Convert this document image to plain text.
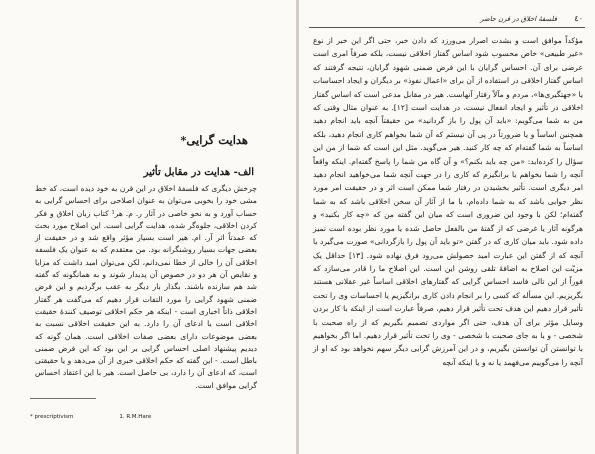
هدایت گرایی*
الف- هدایت در مقابل تأثیر

چرخش دیگری که فلسفهٔ اخلاق در این قرن به خود دیده است، که خط مشی خود را بخوبی می‌توان به عنوان اصلاحی برای احساس گرایی به حساب آورد و به نحو خاصی در آثار ر. م. هر¹ کتاب زبان اخلاق و فکر کردن اخلاقی، جلوه‌گر شده، هدایت گرایی است. این اصلاح مورد بحث که عمدتاً اثر آر. ام. هیر است بسیار مؤثر واقع شد و در حقیقت از بعضی جهات بسیار روشنگرانه بود. من معتقدم که به عنوان یک فلسفه اخلاقی آن را خالی از خطا نمی‌دانم، لکن می‌توان امید داشت که مزایا و نقایص آن هر دو در خصوص آن پدیدار شوند و به همانگونه که گفته شد هم سازنده باشند. بگذار بار دیگر به عقب برگردیم و این فرض ضمنی شهود گرایی را مورد التفات قرار دهیم که می‌گفت هر گفتار اخلاقی ذاتاً اخباری است - اینکه هر حکم اخلاقی توصیف کنندهٔ حقیقت اخلاقی است یا ادعای آن را دارد. به این حقیقت اخلاقی نسبت به بعضی موضوعات دارای بعضی صفات اخلاقی است. همان گونه که دیدیم پیشنهاد اصلی احساس گرایی بر این بود که این فرض ضمنی باطل است. - این گفته که حکم اخلاقی خبری از آن می‌دهد و یا حقیقتی است، که ادعای آن را دارد، بی حاصل است. هیر با این اعتقاد احساس گرایی موافق است.

* prescriptivism	1. R.M.Hare
٤٠
فلسفهٔ اخلاق در قرن حاضر

مؤکداً موافق است و بشدت اصرار می‌ورزد که دادن خبر، حتی اگر این خبر از نوع «غیر طبیعی» خاص محسوب شود اساس گفتار اخلاقی نیست، بلکه صرفاً امری است عرضی برای آن. احساس گرایان با این فرض ضمنی شهود گرایان، نتیجه گرفتند که اساس گفتار اخلاقی در استفاده از آن برای «اعمال نفوذ» بر دیگران و ایجاد احساسات یا «جهتگیری‌ها»، مردم و مآلاً رفتار آنهاست. هیر در مقابل مدعی است که اساس گفتار اخلاقی در تأثیر و ایجاد انفعال نیست، در هدایت است [۱۲]. به عنوان مثال وقتی که من به شما می‌گویم: «باید آن پول را باز گردانید» من حقیقتاً آنچه باید انجام دهید همچنین اساساً و یا ضرورتاً در پی آن نیستم که آن شما بخواهم کاری انجام دهید، بلکه اساساً به شما گفته‌ام که چه کار کنید. هیر می‌گوید. مثل این است که شما از من این سؤال را کرده‌اید: «من چه باید بکنم؟» و آن گاه من شما را پاسخ گفته‌ام. اینکه واقعاً آنچه را شما بخواهم یا برانگیزم که کاری را در جهت آنچه شما می‌خواهید انجام دهید امر دیگری است. تأثیر بخشیدن در رفتار شما ممکن است اثر و در حقیقت امر مورد نظر جوابی باشد که به شما داده‌ام، با ما از آثار آن سخن اخلاقی باشد که به شما گفته‌ام؛ لکن با وجود این ضروری است که میان این گفته من که «چه کار بکنید» و هرگونه آثار یا غرضی که از گفتهٔ من بالفعل حاصل شده یا مورد نظر بوده است تمیز داده شود. باید میان کاری که در گفتن «تو باید آن پول را بازگردانی» صورت می‌گیرد یا آنچه که از گفتن این عبارت امید حصولش می‌رود فرق نهاده شود. [۱۳] حداقل یک مزیّت این اصلاح به اضافهٔ تلقی روشن این است. این اصلاح ما را قادر می‌سازد که فوراً از این تالی فاسد احساس گرایی که گفتارهای اخلاقی اساساً غیر عقلانی هستند بگریزیم. این مسأله که کسی را بر انجام دادن کاری برانگیزیم یا احساسات وی را تحت تأثیر قرار دهیم این هدف تحت تأثیر قرار دهیم، صرفاً عبارت است از اینکه با کار بردن وسایل مؤثر برای آن هدف، حتی اگر مواردی تصمیم بگیریم که از راه صحبت با شخصی - و یا به جای صحبت با شخصی - وی را تحت تأثیر قرار دهیم. اما اگر بخواهیم با توانستن آن توانستن بگیریم، و در این آمرزش گرایی دیگر سهم نخواهد بود که او از آنچه را می‌گوییم می‌فهمد یا نه و یا اینکه آنچه
